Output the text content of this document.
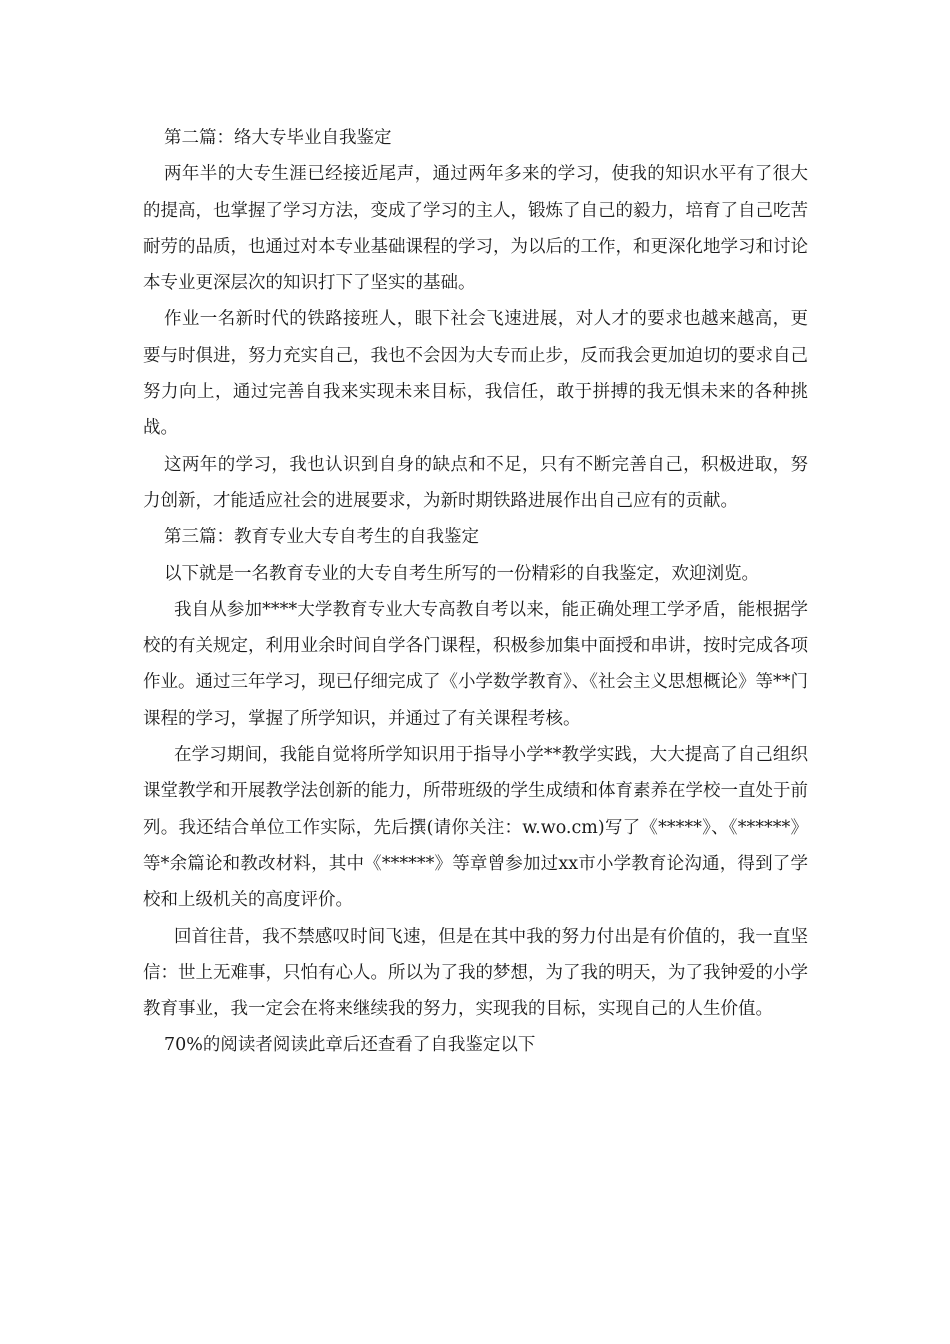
第二篇：络大专毕业自我鉴定

两年半的大专生涯已经接近尾声，通过两年多来的学习，使我的知识水平有了很大的提高，也掌握了学习方法，变成了学习的主人，锻炼了自己的毅力，培育了自己吃苦耐劳的品质，也通过对本专业基础课程的学习，为以后的工作，和更深化地学习和讨论本专业更深层次的知识打下了坚实的基础。

作业一名新时代的铁路接班人，眼下社会飞速进展，对人才的要求也越来越高，更要与时俱进，努力充实自己，我也不会因为大专而止步，反而我会更加迫切的要求自己努力向上，通过完善自我来实现未来目标，我信任，敢于拼搏的我无惧未来的各种挑战。

这两年的学习，我也认识到自身的缺点和不足，只有不断完善自己，积极进取，努力创新，才能适应社会的进展要求，为新时期铁路进展作出自己应有的贡献。

第三篇：教育专业大专自考生的自我鉴定

以下就是一名教育专业的大专自考生所写的一份精彩的自我鉴定，欢迎浏览。

我自从参加****大学教育专业大专高教自考以来，能正确处理工学矛盾，能根据学校的有关规定，利用业余时间自学各门课程，积极参加集中面授和串讲，按时完成各项作业。通过三年学习，现已仔细完成了《小学数学教育》、《社会主义思想概论》等**门课程的学习，掌握了所学知识，并通过了有关课程考核。

在学习期间，我能自觉将所学知识用于指导小学**教学实践，大大提高了自己组织课堂教学和开展教学法创新的能力，所带班级的学生成绩和体育素养在学校一直处于前列。我还结合单位工作实际，先后撰(请你关注：w.wo.cm)写了《*****》、《******》等*余篇论和教改材料，其中《******》等章曾参加过xx市小学教育论沟通，得到了学校和上级机关的高度评价。

回首往昔，我不禁感叹时间飞速，但是在其中我的努力付出是有价值的，我一直坚信：世上无难事，只怕有心人。所以为了我的梦想，为了我的明天，为了我钟爱的小学教育事业，我一定会在将来继续我的努力，实现我的目标，实现自己的人生价值。

70%的阅读者阅读此章后还查看了自我鉴定以下
